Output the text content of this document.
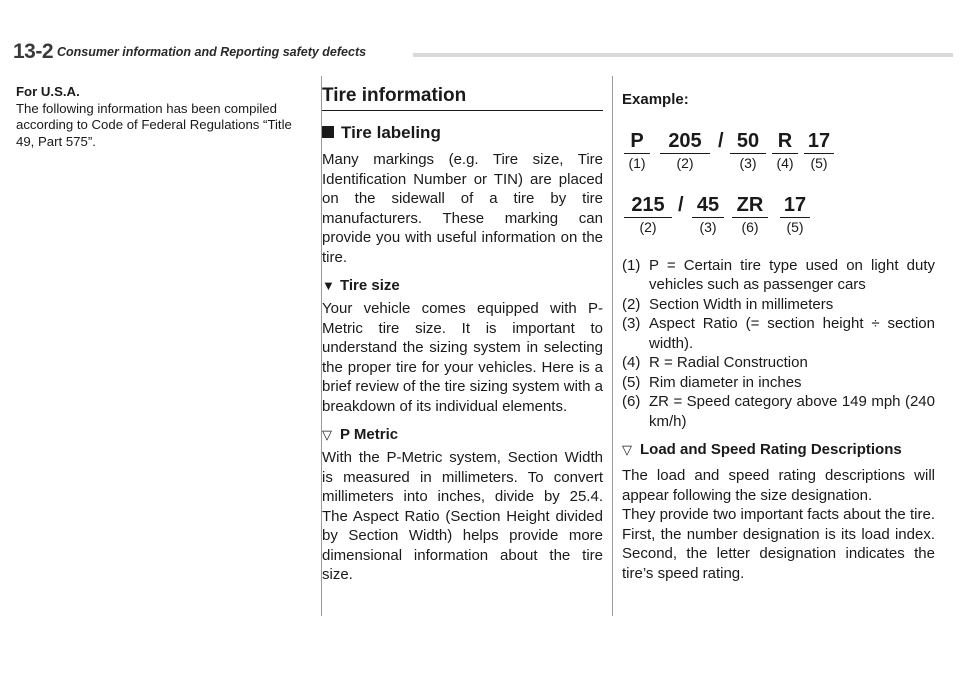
13-2 Consumer information and Reporting safety defects

For U.S.A.

The following information has been compiled according to Code of Federal Regulations “Title 49, Part 575”.

Tire information
Tire labeling

Many markings (e.g. Tire size, Tire Identification Number or TIN) are placed on the sidewall of a tire by tire manufacturers. These marking can provide you with useful information on the tire.

▼ Tire size

Your vehicle comes equipped with P-Metric tire size. It is important to understand the sizing system in selecting the proper tire for your vehicles. Here is a brief review of the tire sizing system with a breakdown of its individual elements.

▽ P Metric

With the P-Metric system, Section Width is measured in millimeters. To convert millimeters into inches, divide by 25.4. The Aspect Ratio (Section Height divided by Section Width) helps provide more dimensional information about the tire size.

Example:

P
(1)
205
(2)
/ 50
(3)
R
(4)
17
(5)
215
(2)
/ 45
(3)
ZR
(6)
17
(5)
(1) P = Certain tire type used on light duty vehicles such as passenger cars
(2) Section Width in millimeters
(3) Aspect Ratio (= section height ÷ section width).
(4) R = Radial Construction
(5) Rim diameter in inches
(6) ZR = Speed category above 149 mph (240 km/h)
▽ Load and Speed Rating Descriptions

The load and speed rating descriptions will appear following the size designation.

They provide two important facts about the tire. First, the number designation is its load index. Second, the letter designation indicates the tire’s speed rating.
